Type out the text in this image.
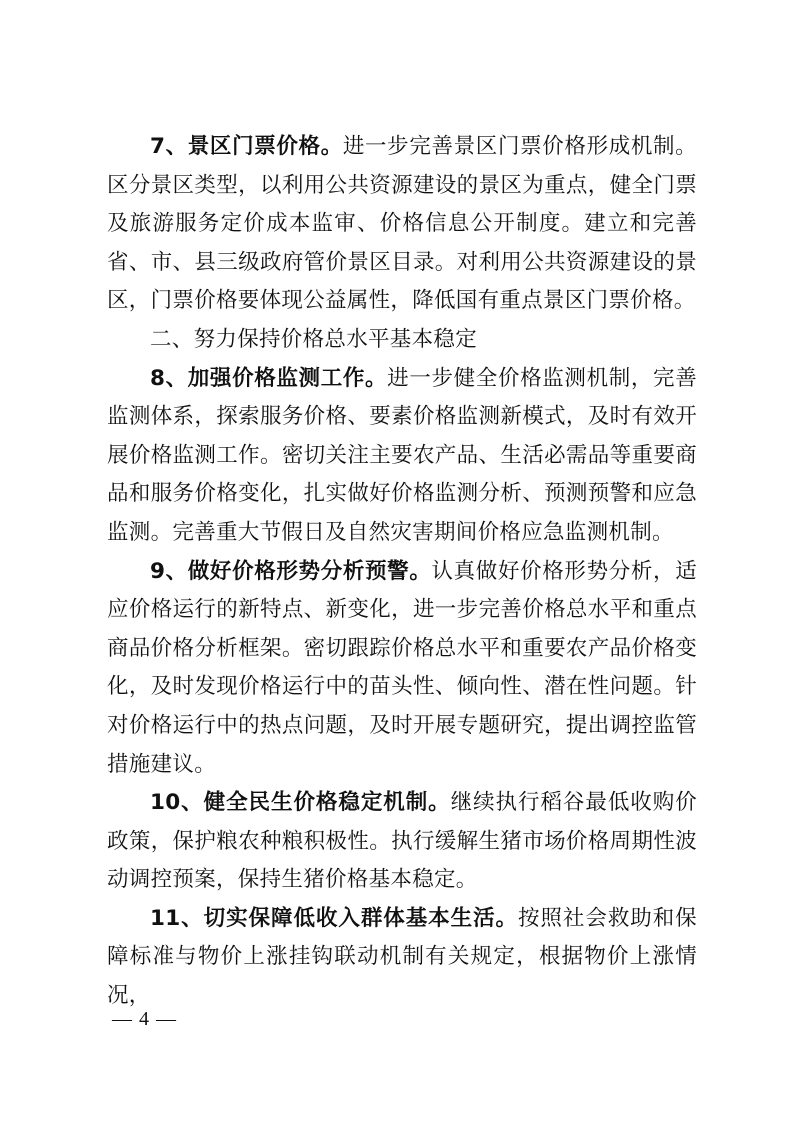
7、景区门票价格。进一步完善景区门票价格形成机制。区分景区类型，以利用公共资源建设的景区为重点，健全门票及旅游服务定价成本监审、价格信息公开制度。建立和完善省、市、县三级政府管价景区目录。对利用公共资源建设的景区，门票价格要体现公益属性，降低国有重点景区门票价格。

二、努力保持价格总水平基本稳定

8、加强价格监测工作。进一步健全价格监测机制，完善监测体系，探索服务价格、要素价格监测新模式，及时有效开展价格监测工作。密切关注主要农产品、生活必需品等重要商品和服务价格变化，扎实做好价格监测分析、预测预警和应急监测。完善重大节假日及自然灾害期间价格应急监测机制。

9、做好价格形势分析预警。认真做好价格形势分析，适应价格运行的新特点、新变化，进一步完善价格总水平和重点商品价格分析框架。密切跟踪价格总水平和重要农产品价格变化，及时发现价格运行中的苗头性、倾向性、潜在性问题。针对价格运行中的热点问题，及时开展专题研究，提出调控监管措施建议。

10、健全民生价格稳定机制。继续执行稻谷最低收购价政策，保护粮农种粮积极性。执行缓解生猪市场价格周期性波动调控预案，保持生猪价格基本稳定。

11、切实保障低收入群体基本生活。按照社会救助和保障标准与物价上涨挂钩联动机制有关规定，根据物价上涨情况，

— 4 —
